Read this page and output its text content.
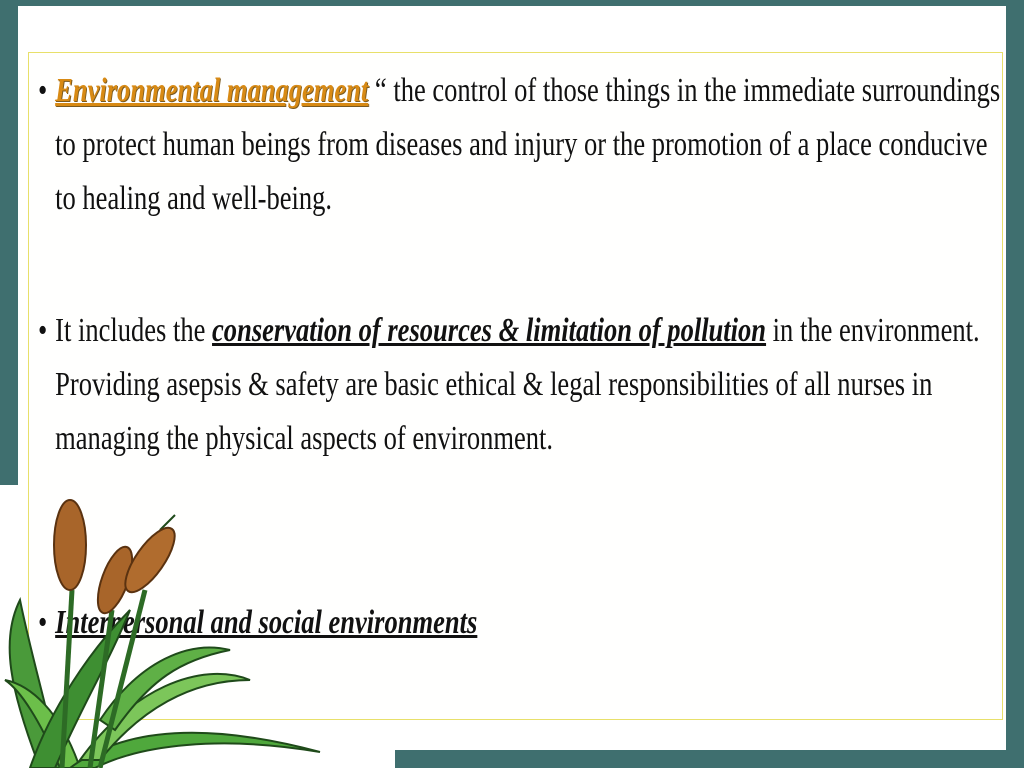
• Environmental management “ the control of those things in the immediate surroundings to protect human beings from diseases and injury or the promotion of a place conducive to healing and well-being.
• It includes the conservation of resources & limitation of pollution in the environment. Providing asepsis & safety are basic ethical & legal responsibilities of all nurses in managing the physical aspects of environment.
• Interpersonal and social environments
